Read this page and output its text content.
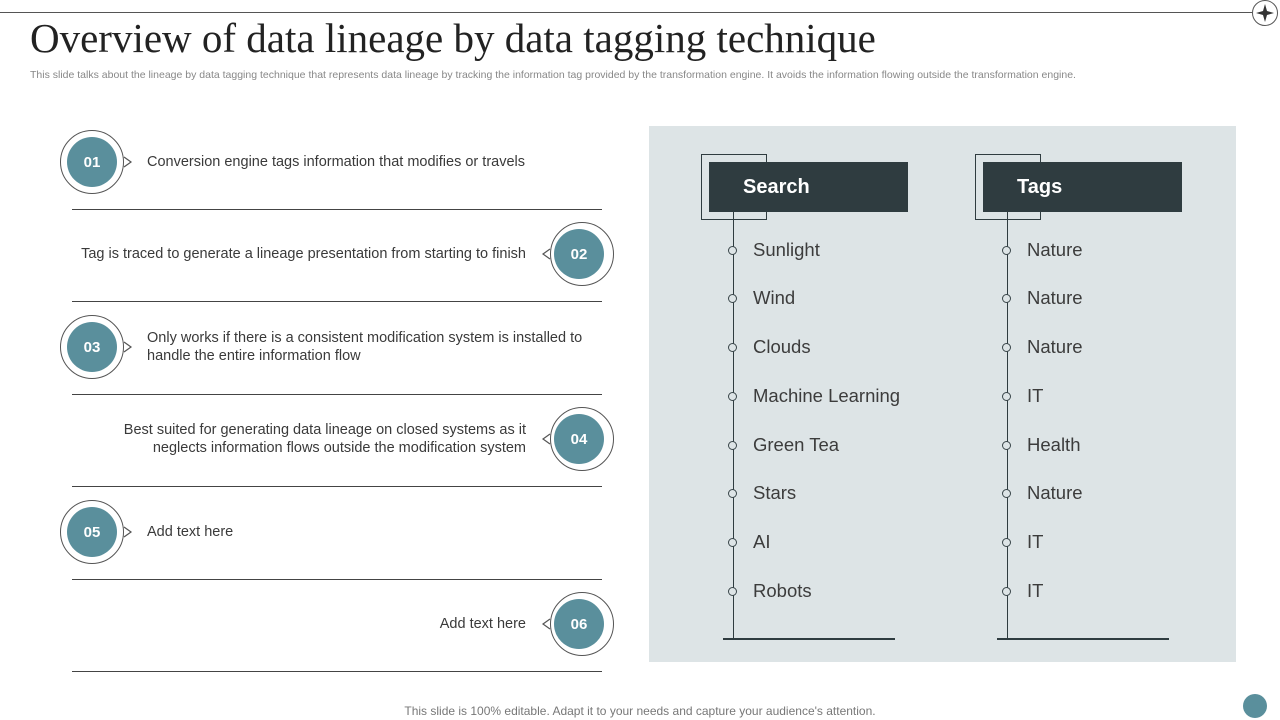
Overview of data lineage by data tagging technique
This slide talks about the lineage by data tagging technique that represents data lineage by tracking the information tag provided by the transformation engine. It avoids the information flowing outside the transformation engine.
01	Conversion engine tags information that modifies or travels
02
Tag is traced to generate a lineage presentation from starting to finish
03
Only works if there is a consistent modification system is installed to handle the entire information flow
04
Best suited for generating data lineage on closed systems as it neglects information flows outside the modification system
05	Add text here
06
Add text here
Search
Sunlight
Wind
Clouds
Machine Learning
Green Tea
Stars
AI
Robots
Tags
Nature
Nature
Nature
IT
Health
Nature
IT
IT
This slide is 100% editable. Adapt it to your needs and capture your audience's attention.
